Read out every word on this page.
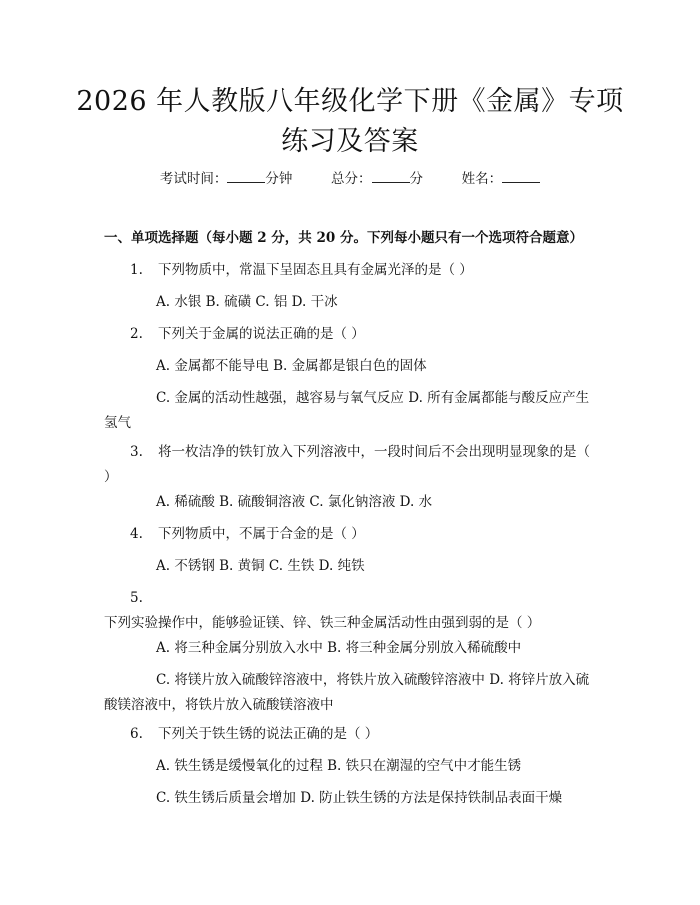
2026 年人教版八年级化学下册《金属》专项
练习及答案
考试时间：	分钟	总分：	分	姓名：
一、单项选择题（每小题 2 分，共 20 分。下列每小题只有一个选项符合题意）
1. 下列物质中，常温下呈固态且具有金属光泽的是（ ）
A. 水银 B. 硫磺 C. 铝 D. 干冰
2. 下列关于金属的说法正确的是（ ）
A. 金属都不能导电 B. 金属都是银白色的固体
C. 金属的活动性越强，越容易与氧气反应 D. 所有金属都能与酸反应产生氢气
3. 将一枚洁净的铁钉放入下列溶液中，一段时间后不会出现明显现象的是（ ）
A. 稀硫酸 B. 硫酸铜溶液 C. 氯化钠溶液 D. 水
4. 下列物质中，不属于合金的是（ ）
A. 不锈钢 B. 黄铜 C. 生铁 D. 纯铁
5.下列实验操作中，能够验证镁、锌、铁三种金属活动性由强到弱的是（ ）
A. 将三种金属分别放入水中 B. 将三种金属分别放入稀硫酸中
C. 将镁片放入硫酸锌溶液中，将铁片放入硫酸锌溶液中 D. 将锌片放入硫酸镁溶液中，将铁片放入硫酸镁溶液中
6. 下列关于铁生锈的说法正确的是（ ）
A. 铁生锈是缓慢氧化的过程 B. 铁只在潮湿的空气中才能生锈
C. 铁生锈后质量会增加 D. 防止铁生锈的方法是保持铁制品表面干燥
